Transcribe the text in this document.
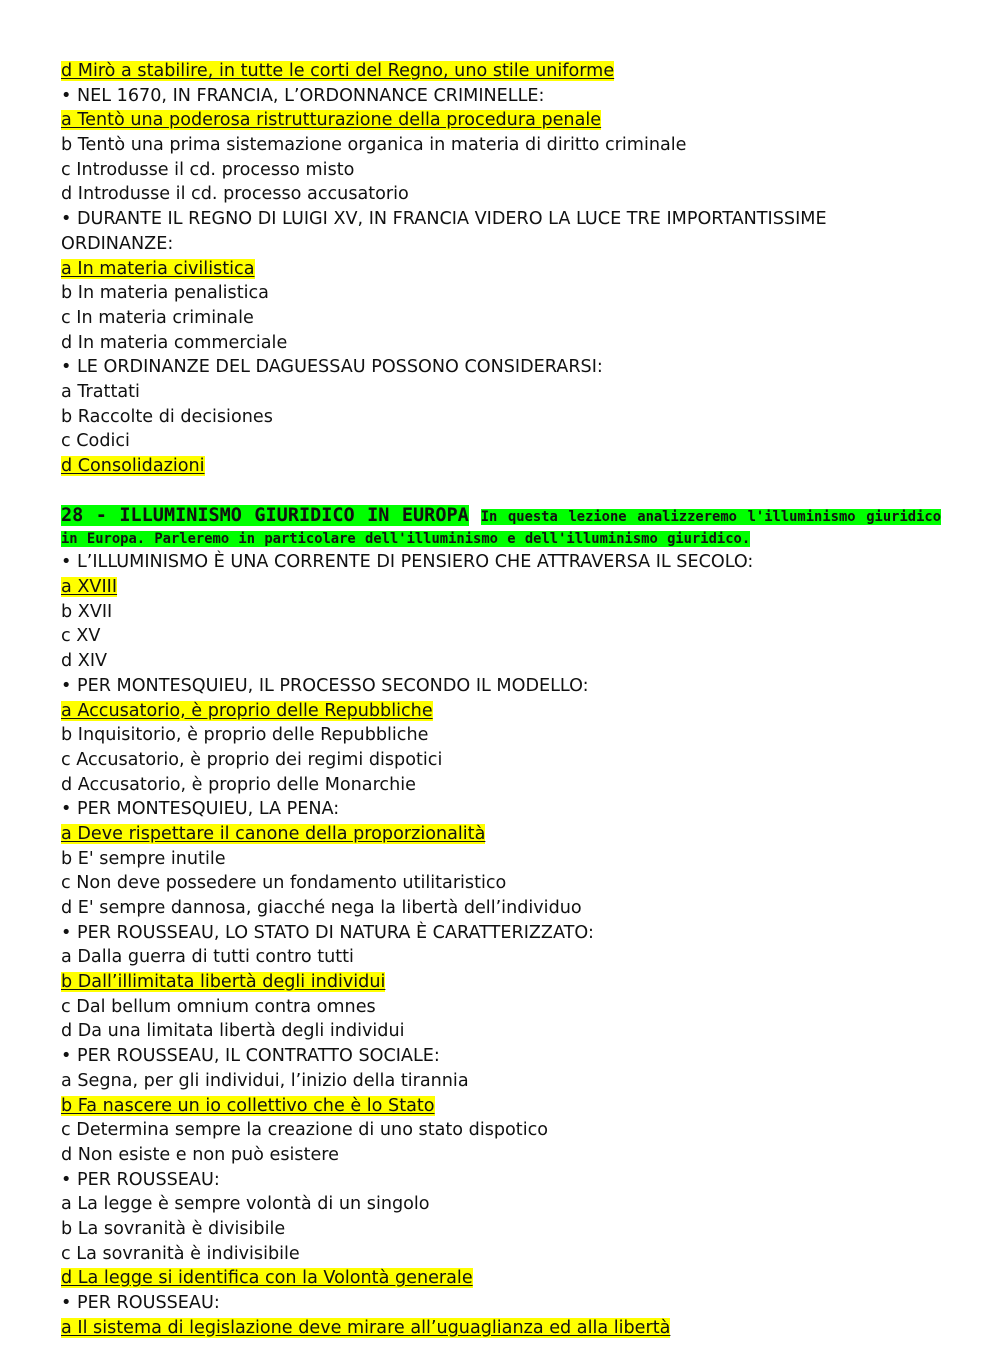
d Mirò a stabilire, in tutte le corti del Regno, uno stile uniforme
• NEL 1670, IN FRANCIA, L’ORDONNANCE CRIMINELLE:
a Tentò una poderosa ristrutturazione della procedura penale
b Tentò una prima sistemazione organica in materia di diritto criminale
c Introdusse il cd. processo misto
d Introdusse il cd. processo accusatorio
• DURANTE IL REGNO DI LUIGI XV, IN FRANCIA VIDERO LA LUCE TRE IMPORTANTISSIME
ORDINANZE:
a In materia civilistica
b In materia penalistica
c In materia criminale
d In materia commerciale
• LE ORDINANZE DEL DAGUESSAU POSSONO CONSIDERARSI:
a Trattati
b Raccolte di decisiones
c Codici
d Consolidazioni
28 - ILLUMINISMO GIURIDICO IN EUROPA In questa lezione analizzeremo l'illuminismo giuridico in Europa. Parleremo in particolare dell'illuminismo e dell'illuminismo giuridico.
• L’ILLUMINISMO È UNA CORRENTE DI PENSIERO CHE ATTRAVERSA IL SECOLO:
a XVIII
b XVII
c XV
d XIV
• PER MONTESQUIEU, IL PROCESSO SECONDO IL MODELLO:
a Accusatorio, è proprio delle Repubbliche
b Inquisitorio, è proprio delle Repubbliche
c Accusatorio, è proprio dei regimi dispotici
d Accusatorio, è proprio delle Monarchie
• PER MONTESQUIEU, LA PENA:
a Deve rispettare il canone della proporzionalità
b E' sempre inutile
c Non deve possedere un fondamento utilitaristico
d E' sempre dannosa, giacché nega la libertà dell’individuo
• PER ROUSSEAU, LO STATO DI NATURA È CARATTERIZZATO:
a Dalla guerra di tutti contro tutti
b Dall’illimitata libertà degli individui
c Dal bellum omnium contra omnes
d Da una limitata libertà degli individui
• PER ROUSSEAU, IL CONTRATTO SOCIALE:
a Segna, per gli individui, l’inizio della tirannia
b Fa nascere un io collettivo che è lo Stato
c Determina sempre la creazione di uno stato dispotico
d Non esiste e non può esistere
• PER ROUSSEAU:
a La legge è sempre volontà di un singolo
b La sovranità è divisibile
c La sovranità è indivisibile
d La legge si identifica con la Volontà generale
• PER ROUSSEAU:
a Il sistema di legislazione deve mirare all’uguaglianza ed alla libertà
